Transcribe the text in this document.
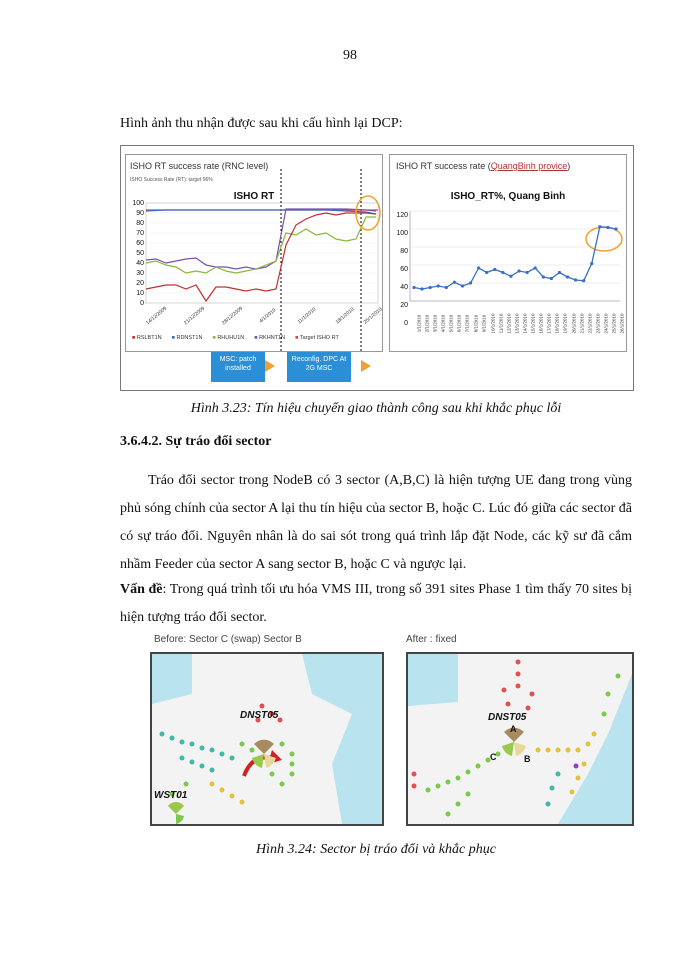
98
Hình ảnh thu nhận được sau khi cấu hình lại DCP:
ISHO RT success rate (RNC level)
ISHO Success Rate (RT): target 96%
ISHO RT
100
90
80
70
60
50
40
30
20
10
0
14/12/2009	21/12/2009	28/12/2009	4/1/2010	11/1/2010	18/1/2010 25/1/2010
■ RSLBT1N ■ RDNST1N ■ RHUHU1N ■ RKHNT1N ■ Target ISHO RT
MSC: patch installed
Reconfig. DPC At 2G MSC
ISHO RT success rate (QuangBinh provice)
ISHO_RT%, Quang Binh
120
100
80
60
40
20
0 1/1/2010 2/1/2010 3/1/2010 4/1/2010 5/1/2010 6/1/2010 7/1/2010 8/1/2010 9/1/2010 10/1/2010 11/1/2010 12/1/2010 13/1/2010 14/1/2010 15/1/2010 16/1/2010 17/1/2010 18/1/2010 19/1/2010 20/1/2010 21/1/2010 22/1/2010 23/1/2010 24/1/2010 25/1/2010 26/1/2010
Hình 3.23: Tín hiệu chuyển giao thành công sau khi khắc phục lỗi
3.6.4.2. Sự tráo đổi sector
Tráo đổi sector trong NodeB có 3 sector (A,B,C) là hiện tượng UE đang trong vùng phủ sóng chính của sector A lại thu tín hiệu của sector B, hoặc C. Lúc đó giữa các sector đã có sự tráo đổi. Nguyên nhân là do sai sót trong quá trình lắp đặt Node, các kỹ sư đã cắm nhầm Feeder của sector A sang sector B, hoặc C và ngược lại.
Vấn đề: Trong quá trình tối ưu hóa VMS III, trong số 391 sites Phase 1 tìm thấy 70 sites bị hiện tượng tráo đổi sector.
Before: Sector C (swap) Sector B	After : fixed
DNST05
WST01
DNST05
A
B
C
Hình 3.24: Sector bị tráo đổi và khắc phục
